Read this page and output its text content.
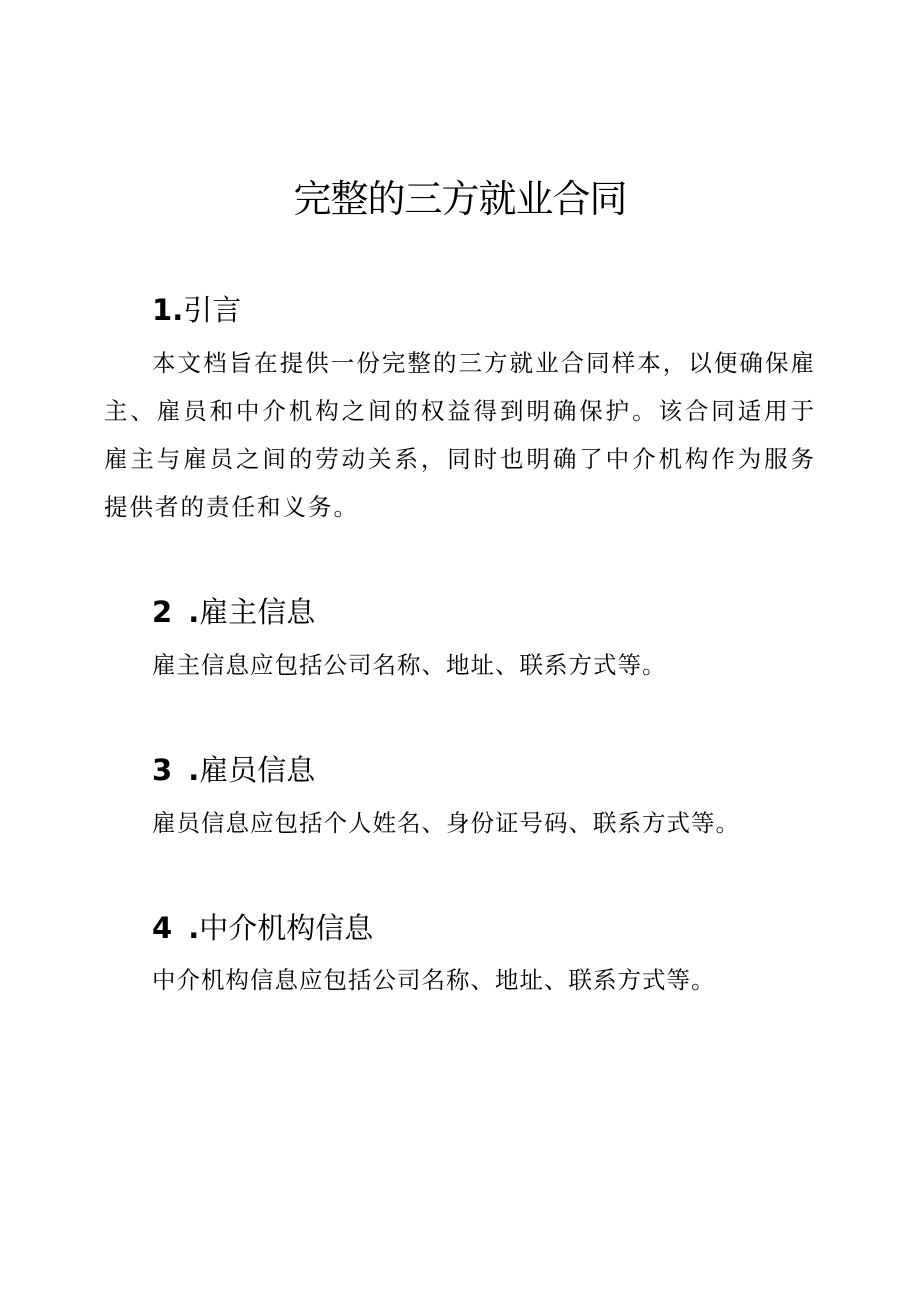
完整的三方就业合同
1.引言
本文档旨在提供一份完整的三方就业合同样本，以便确保雇主、雇员和中介机构之间的权益得到明确保护。该合同适用于雇主与雇员之间的劳动关系，同时也明确了中介机构作为服务提供者的责任和义务。
2 .雇主信息
雇主信息应包括公司名称、地址、联系方式等。
3 .雇员信息
雇员信息应包括个人姓名、身份证号码、联系方式等。
4 .中介机构信息
中介机构信息应包括公司名称、地址、联系方式等。
